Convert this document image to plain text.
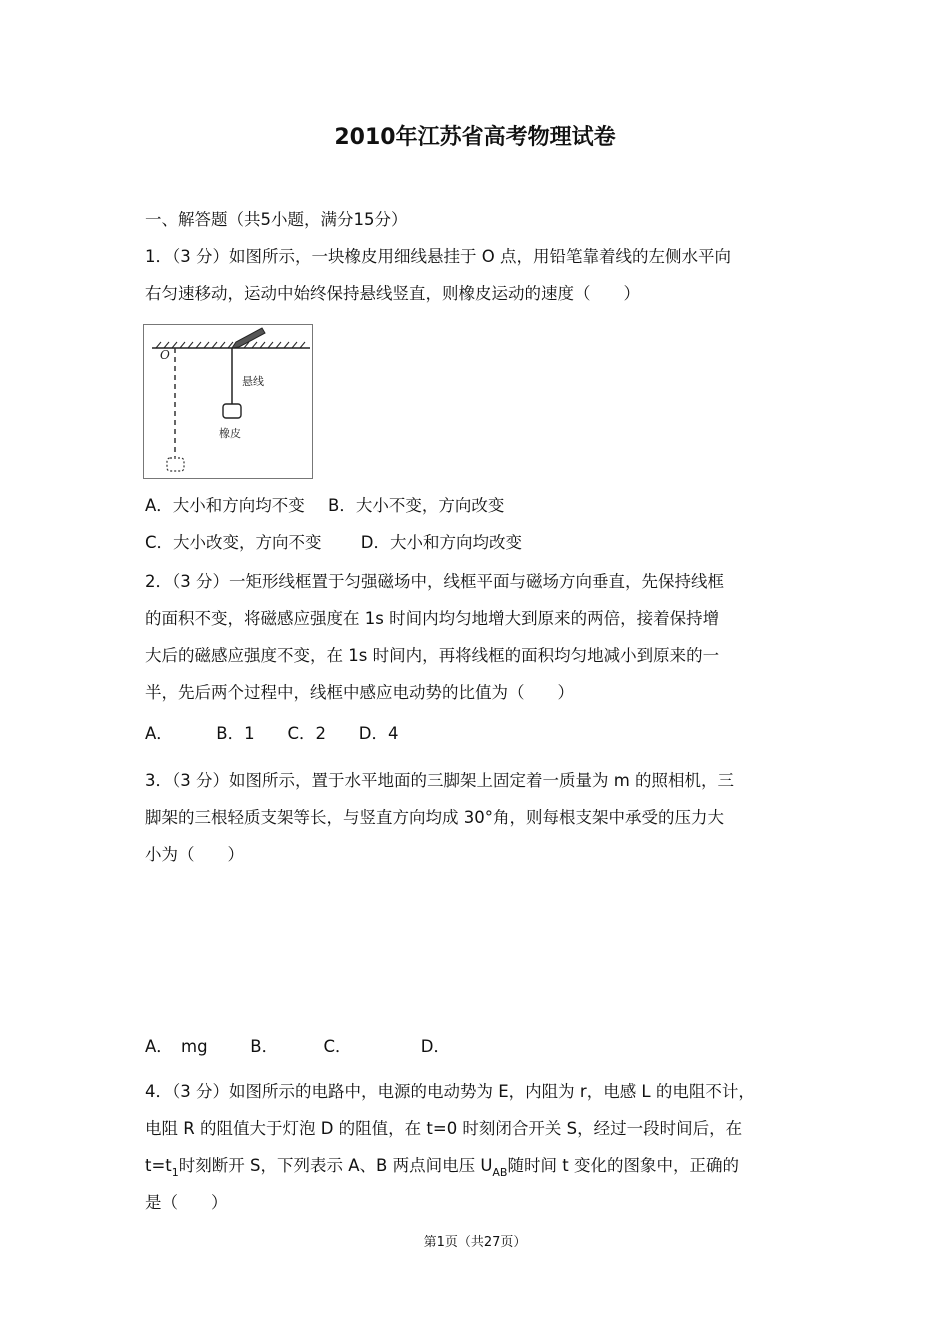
2010年江苏省高考物理试卷
一、解答题（共5小题，满分15分）
1．（3 分）如图所示，一块橡皮用细线悬挂于 O 点，用铅笔靠着线的左侧水平向
右匀速移动，运动中始终保持悬线竖直，则橡皮运动的速度（　　）
O
悬线
橡皮
A．大小和方向均不变 B．大小不变，方向改变
C．大小改变，方向不变 D．大小和方向均改变
2．（3 分）一矩形线框置于匀强磁场中，线框平面与磁场方向垂直，先保持线框
的面积不变，将磁感应强度在 1s 时间内均匀地增大到原来的两倍，接着保持增
大后的磁感应强度不变，在 1s 时间内，再将线框的面积均匀地减小到原来的一
半，先后两个过程中，线框中感应电动势的比值为（　　）
A．	B．1 C．2 D．4
3．（3 分）如图所示，置于水平地面的三脚架上固定着一质量为 m 的照相机，三
脚架的三根轻质支架等长，与竖直方向均成 30°角，则每根支架中承受的压力大
小为（　　）
A．　mg	B．	C．	D．
4．（3 分）如图所示的电路中，电源的电动势为 E，内阻为 r，电感 L 的电阻不计，
电阻 R 的阻值大于灯泡 D 的阻值，在 t=0 时刻闭合开关 S，经过一段时间后，在
$t=t_1$时刻断开 S，下列表示 A、B 两点间电压 $U_{AB}$随时间 t 变化的图象中，正确的
是（　　）
第1页（共27页）
